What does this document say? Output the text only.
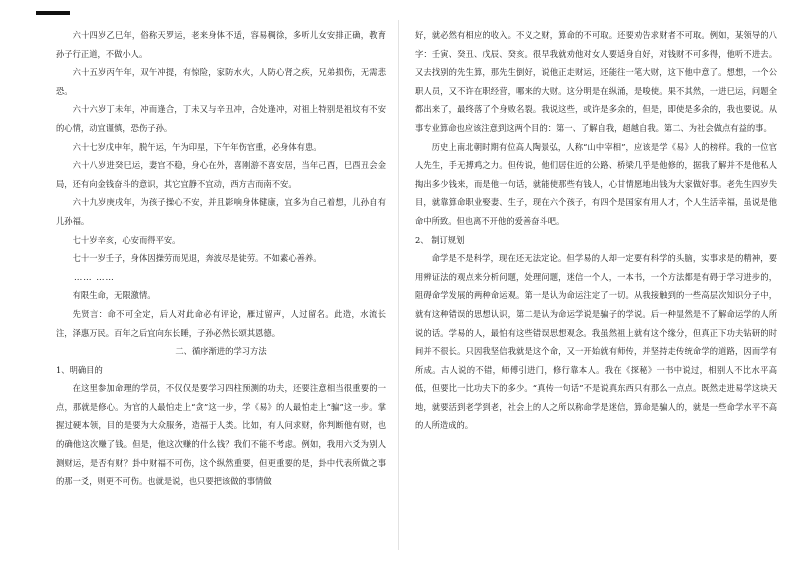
六十四岁乙巳年，俗称天罗运，老来身体不适，容易稠徐，多听儿女安排正确，教育孙子行正道，不做小人。

六十五岁丙午年，双午冲提，有惊险，家防水火，人防心肾之疾，兄弟损伤，无需悲恐。

六十六岁丁未年，冲而逢合，丁未又与辛丑冲，合处逢冲，对祖上特别是祖坟有不安的心情，动宜谨慎，恐伤子孙。

六十七岁戊申年，脱午运，午为印星，下午年伤官重，必身体有患。

六十八岁进癸巳运，妻宫不稳，身心在外，喜刚游不喜安居，当年己酉，巳酉丑会金局，还有向金钱奋斗的意识，其它宜静不宜动，西方吉而南不安。

六十九岁庚戌年，为孩子操心不安，并且影响身体健康，宜多为自己着想，儿孙自有儿孙福。

七十岁辛亥，心安而得平安。

七十一岁壬子，身体因操劳而见退，奔波尽是徒劳。不如素心善养。

…… ……

有限生命，无限激情。

先贤言：命不可全定，后人对此命必有评论，雁过留声，人过留名。此造，水流长注，泽惠万民。百年之后宜向东长睡，子孙必然长颂其恩德。

二、循序渐进的学习方法

1、明确目的

在这里参加命理的学员，不仅仅是要学习四柱预测的功夫，还要注意相当很重要的一点，那就是修心。为官的人最怕走上“贪”这一步，学《易》的人最怕走上“骗”这一步。掌握过硬本领，目的是要为大众服务，造福于人类。比如，有人问求财，你判断他有财，也的确他这次赚了钱。但是，他这次赚的什么钱？我们不能不考虑。例如，我用六爻为别人测财运，是否有财？卦中财福不可伤，这个纵然重要，但更重要的是，卦中代表所做之事的那一爻，则更不可伤。也就是说，也只要把该做的事情做

好，就必然有相应的收入。不义之财，算命的不可取。还要劝告求财者不可取。例如，某领导的八字：壬寅、癸丑、戊辰、癸亥。很早我就劝他对女人要适身自好，对钱财不可多得，他听不进去。又去找别的先生算，那先生倒好，说他正走财运，还能往一笔大财，这下他中意了。想想，一个公职人员，又不许在职经营，哪来的大财。这分明是在纵涌，是唆使。果不其然，一进巳运，问题全都出来了，最终落了个身败名裂。我说这些，或许是多余的，但是，即使是多余的，我也要说。从事专业算命也应该注意到这两个目的：第一、了解自我，超越自我。第二、为社会做点有益的事。

历史上南北朝时期有位高人陶景弘，人称“山中宰相”，应该是学《易》人的榜样。我的一位官人先生，手无搏鸡之力。但传说，他们居住近的公路、桥梁几乎是他修的，据我了解并不是他私人掏出多少钱来，而是他一句话，就能使那些有钱人，心甘情愿地出钱为大家做好事。老先生四岁失目，就靠算命职业娶妻、生子，现在六个孩子，有四个是国家有用人才，个人生活幸福，虽说是他命中所致。但也离不开他的爱善奋斗吧。

2、 制订规划

命学是不是科学，现在还无法定论。但学易的人却一定要有科学的头脑，实事求是的精神，要用辨证法的观点来分析问题，处理问题，迷信一个人，一本书，一个方法都是有碍于学习进步的，阻碍命学发展的两种命运观。第一是认为命运注定了一切。从我接触到的一些高层次知识分子中，就有这种错误的思想认识，第二是认为命运学说是骗子的学说。后一种显然是不了解命运学的人所说的话。学易的人，最怕有这些错误思想观念。我虽然祖上就有这个缘分，但真正下功夫钻研的时间并不很长。只因我坚信我就是这个命，又一开始就有师传，并坚持走传统命学的道路，因而学有所成。古人说的不错，师傅引进门，修行靠本人。我在《探秘》一书中说过，相别人不比水平高低，但要比一比功夫下的多少。“真传一句话”不是说真东西只有那么一点点。既然走进易学这块天地，就要活到老学到老，社会上的人之所以称命学是迷信，算命是骗人的，就是一些命学水平不高的人所造成的。
